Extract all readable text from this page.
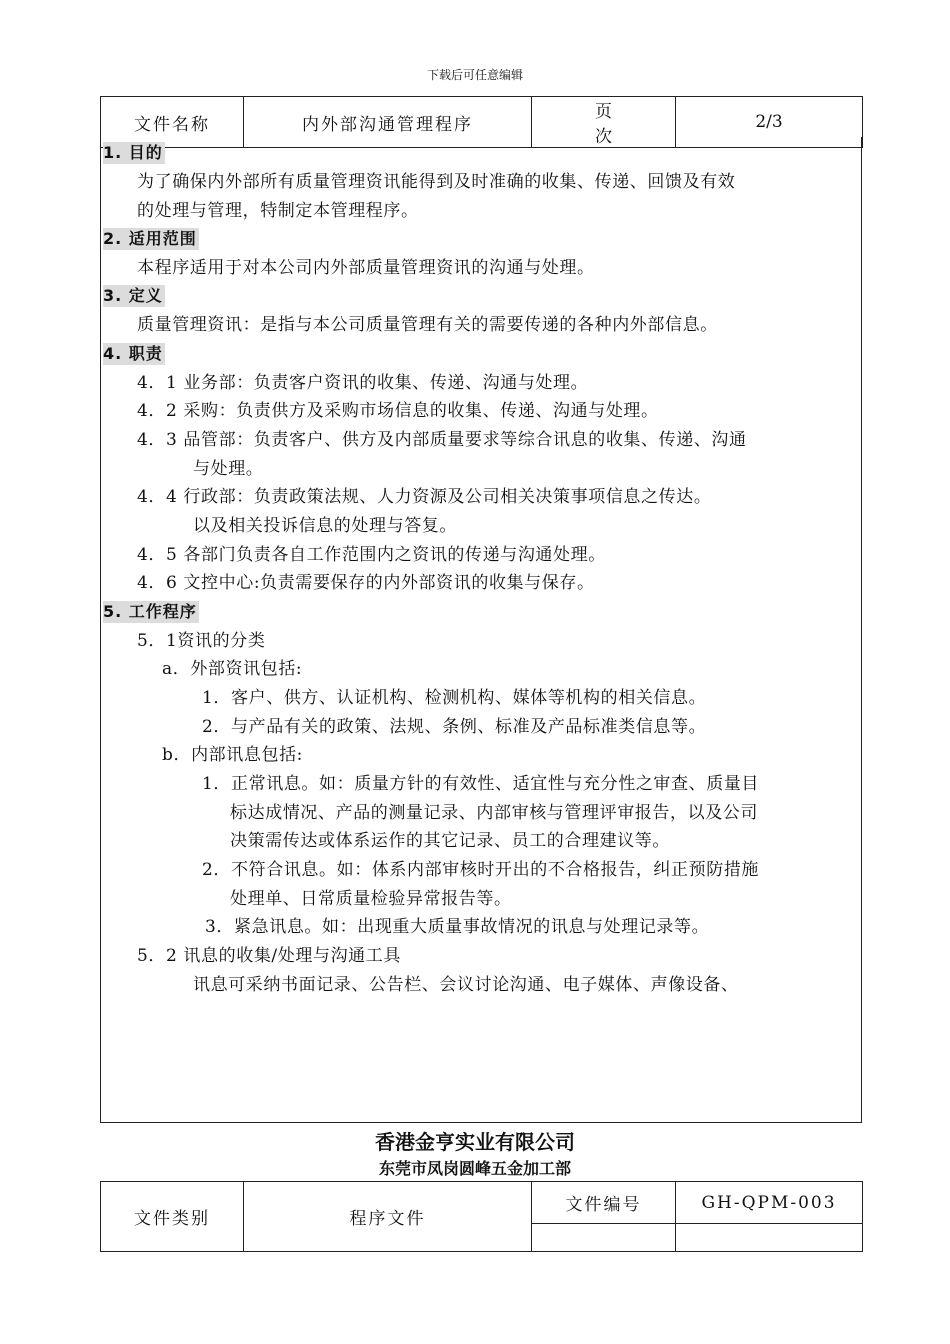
下载后可任意编辑
文件名称	内外部沟通管理程序	页次	2/3
1. 目的
为了确保内外部所有质量管理资讯能得到及时准确的收集、传递、回馈及有效
的处理与管理，特制定本管理程序。
2. 适用范围
本程序适用于对本公司内外部质量管理资讯的沟通与处理。
3. 定义
质量管理资讯：是指与本公司质量管理有关的需要传递的各种内外部信息。
4. 职责
4．1 业务部：负责客户资讯的收集、传递、沟通与处理。
4．2 采购：负责供方及采购市场信息的收集、传递、沟通与处理。
4．3 品管部：负责客户、供方及内部质量要求等综合讯息的收集、传递、沟通
与处理。
4．4 行政部：负责政策法规、人力资源及公司相关决策事项信息之传达。
以及相关投诉信息的处理与答复。
4．5 各部门负责各自工作范围内之资讯的传递与沟通处理。
4．6 文控中心:负责需要保存的内外部资讯的收集与保存。
5. 工作程序
5．1资讯的分类
a．外部资讯包括:
1．客户、供方、认证机构、检测机构、媒体等机构的相关信息。
2．与产品有关的政策、法规、条例、标准及产品标准类信息等。
b．内部讯息包括:
1．正常讯息。如：质量方针的有效性、适宜性与充分性之审查、质量目
标达成情况、产品的测量记录、内部审核与管理评审报告，以及公司
决策需传达或体系运作的其它记录、员工的合理建议等。
2．不符合讯息。如：体系内部审核时开出的不合格报告，纠正预防措施
处理单、日常质量检验异常报告等。
3．紧急讯息。如：出现重大质量事故情况的讯息与处理记录等。
5．2 讯息的收集/处理与沟通工具
讯息可采纳书面记录、公告栏、会议讨论沟通、电子媒体、声像设备、
香港金亨实业有限公司
东莞市凤岗圆峰五金加工部
文件类别	程序文件	文件编号	GH-QPM-003
